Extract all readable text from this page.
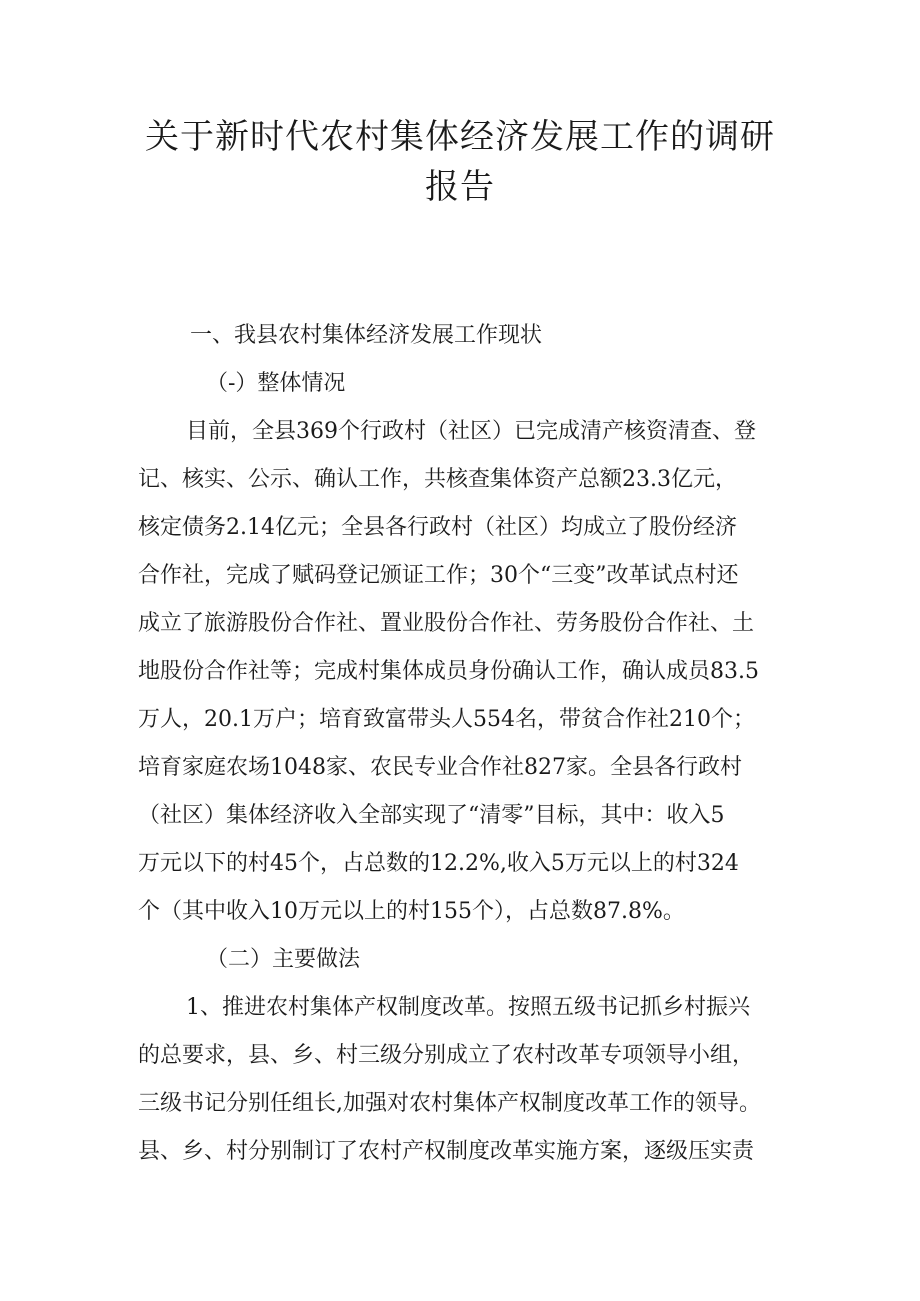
关于新时代农村集体经济发展工作的调研
报告

一、我县农村集体经济发展工作现状

（-）整体情况

目前，全县369个行政村（社区）已完成清产核资清查、登
记、核实、公示、确认工作，共核查集体资产总额23.3亿元，
核定债务2.14亿元；全县各行政村（社区）均成立了股份经济
合作社，完成了赋码登记颁证工作；30个“三变”改革试点村还
成立了旅游股份合作社、置业股份合作社、劳务股份合作社、土
地股份合作社等；完成村集体成员身份确认工作，确认成员83.5
万人，20.1万户；培育致富带头人554名，带贫合作社210个；
培育家庭农场1048家、农民专业合作社827家。全县各行政村
（社区）集体经济收入全部实现了“清零”目标，其中：收入5
万元以下的村45个，占总数的12.2%,收入5万元以上的村324
个（其中收入10万元以上的村155个），占总数87.8%。

（二）主要做法

1、推进农村集体产权制度改革。按照五级书记抓乡村振兴
的总要求，县、乡、村三级分别成立了农村改革专项领导小组，
三级书记分别任组长,加强对农村集体产权制度改革工作的领导。
县、乡、村分别制订了农村产权制度改革实施方案，逐级压实责
